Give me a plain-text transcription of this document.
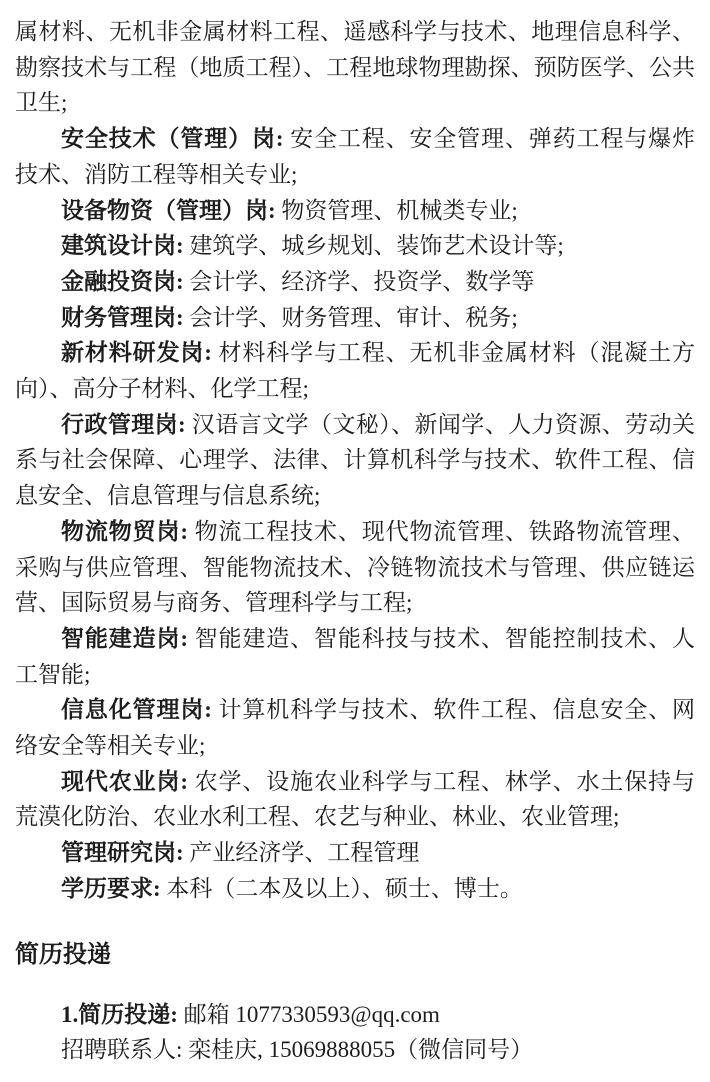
属材料、无机非金属材料工程、遥感科学与技术、地理信息科学、勘察技术与工程（地质工程）、工程地球物理勘探、预防医学、公共卫生;

安全技术（管理）岗: 安全工程、安全管理、弹药工程与爆炸技术、消防工程等相关专业;

设备物资（管理）岗: 物资管理、机械类专业;

建筑设计岗: 建筑学、城乡规划、装饰艺术设计等;

金融投资岗: 会计学、经济学、投资学、数学等

财务管理岗: 会计学、财务管理、审计、税务;

新材料研发岗: 材料科学与工程、无机非金属材料（混凝土方向）、高分子材料、化学工程;

行政管理岗: 汉语言文学（文秘）、新闻学、人力资源、劳动关系与社会保障、心理学、法律、计算机科学与技术、软件工程、信息安全、信息管理与信息系统;

物流物贸岗: 物流工程技术、现代物流管理、铁路物流管理、采购与供应管理、智能物流技术、冷链物流技术与管理、供应链运营、国际贸易与商务、管理科学与工程;

智能建造岗: 智能建造、智能科技与技术、智能控制技术、人工智能;

信息化管理岗: 计算机科学与技术、软件工程、信息安全、网络安全等相关专业;

现代农业岗: 农学、设施农业科学与工程、林学、水土保持与荒漠化防治、农业水利工程、农艺与种业、林业、农业管理;

管理研究岗: 产业经济学、工程管理

学历要求: 本科（二本及以上）、硕士、博士。

简历投递

1.简历投递: 邮箱 1077330593@qq.com

招聘联系人: 栾桂庆, 15069888055（微信同号）
